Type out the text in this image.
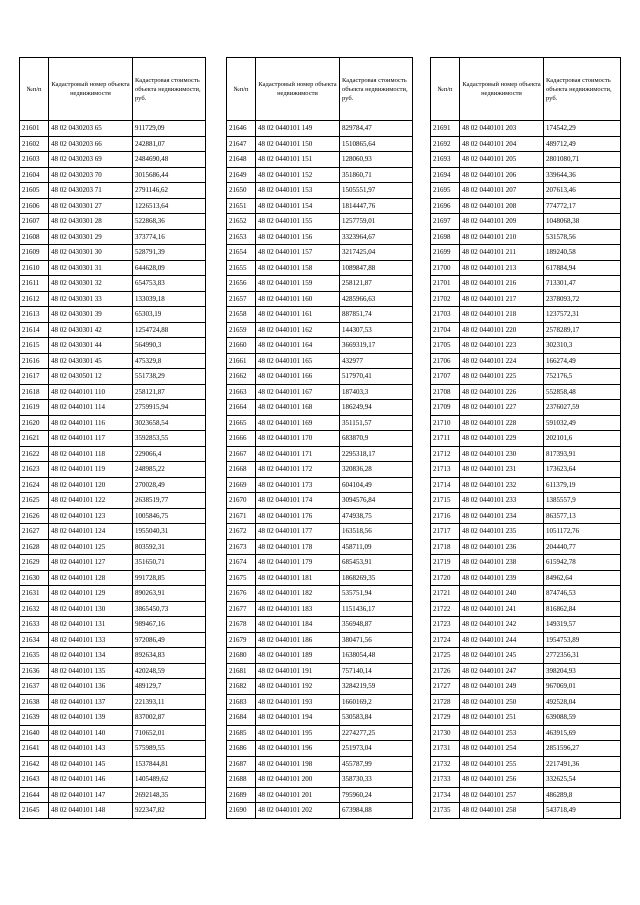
№п/п	Кадастровый номер объекта недвижимости	Кадастровая стоимость объекта недвижимости, руб.
21601	48 02 0430203 65	911729,09
21602	48 02 0430203 66	242881,07
21603	48 02 0430203 69	2484690,48
21604	48 02 0430203 70	3015686,44
21605	48 02 0430203 71	2791146,62
21606	48 02 0430301 27	1226513,64
21607	48 02 0430301 28	522868,36
21608	48 02 0430301 29	373774,16
21609	48 02 0430301 30	528791,39
21610	48 02 0430301 31	644628,09
21611	48 02 0430301 32	654753,83
21612	48 02 0430301 33	133039,18
21613	48 02 0430301 39	65303,19
21614	48 02 0430301 42	1254724,88
21615	48 02 0430301 44	564990,3
21616	48 02 0430301 45	475329,8
21617	48 02 0430501 12	551738,29
21618	48 02 0440101 110	258121,87
21619	48 02 0440101 114	2759915,94
21620	48 02 0440101 116	3023658,54
21621	48 02 0440101 117	3592853,55
21622	48 02 0440101 118	229066,4
21623	48 02 0440101 119	248985,22
21624	48 02 0440101 120	270028,49
21625	48 02 0440101 122	2638519,77
21626	48 02 0440101 123	1005846,75
21627	48 02 0440101 124	1955040,31
21628	48 02 0440101 125	803592,31
21629	48 02 0440101 127	351650,71
21630	48 02 0440101 128	991728,85
21631	48 02 0440101 129	890263,91
21632	48 02 0440101 130	3865450,73
21633	48 02 0440101 131	989467,16
21634	48 02 0440101 133	972086,49
21635	48 02 0440101 134	892634,83
21636	48 02 0440101 135	420248,59
21637	48 02 0440101 136	489129,7
21638	48 02 0440101 137	221393,11
21639	48 02 0440101 139	837002,87
21640	48 02 0440101 140	710652,01
21641	48 02 0440101 143	575989,55
21642	48 02 0440101 145	1537844,81
21643	48 02 0440101 146	1405489,62
21644	48 02 0440101 147	2692148,35
21645	48 02 0440101 148	922347,82
№п/п	Кадастровый номер объекта недвижимости	Кадастровая стоимость объекта недвижимости, руб.
21646	48 02 0440101 149	829784,47
21647	48 02 0440101 150	1510865,64
21648	48 02 0440101 151	128060,93
21649	48 02 0440101 152	351860,71
21650	48 02 0440101 153	1505551,97
21651	48 02 0440101 154	1814447,76
21652	48 02 0440101 155	1257759,01
21653	48 02 0440101 156	3323964,67
21654	48 02 0440101 157	3217425,04
21655	48 02 0440101 158	1089847,88
21656	48 02 0440101 159	258121,87
21657	48 02 0440101 160	4285966,63
21658	48 02 0440101 161	887851,74
21659	48 02 0440101 162	144307,53
21660	48 02 0440101 164	3669319,17
21661	48 02 0440101 165	432977
21662	48 02 0440101 166	517970,41
21663	48 02 0440101 167	187403,3
21664	48 02 0440101 168	186249,94
21665	48 02 0440101 169	351151,57
21666	48 02 0440101 170	683870,9
21667	48 02 0440101 171	2295318,17
21668	48 02 0440101 172	320836,28
21669	48 02 0440101 173	604104,49
21670	48 02 0440101 174	3094576,84
21671	48 02 0440101 176	474938,75
21672	48 02 0440101 177	163518,56
21673	48 02 0440101 178	458711,09
21674	48 02 0440101 179	685453,91
21675	48 02 0440101 181	1868269,35
21676	48 02 0440101 182	535751,94
21677	48 02 0440101 183	1151436,17
21678	48 02 0440101 184	356948,87
21679	48 02 0440101 186	380471,56
21680	48 02 0440101 189	1638054,48
21681	48 02 0440101 191	757140,14
21682	48 02 0440101 192	3284219,59
21683	48 02 0440101 193	1660169,2
21684	48 02 0440101 194	530583,84
21685	48 02 0440101 195	2274277,25
21686	48 02 0440101 196	251973,04
21687	48 02 0440101 198	455787,99
21688	48 02 0440101 200	358730,33
21689	48 02 0440101 201	795960,24
21690	48 02 0440101 202	673984,88
№п/п	Кадастровый номер объекта недвижимости	Кадастровая стоимость объекта недвижимости, руб.
21691	48 02 0440101 203	174542,29
21692	48 02 0440101 204	489712,49
21693	48 02 0440101 205	2801080,71
21694	48 02 0440101 206	339644,36
21695	48 02 0440101 207	207613,46
21696	48 02 0440101 208	774772,17
21697	48 02 0440101 209	1048068,38
21698	48 02 0440101 210	531578,56
21699	48 02 0440101 211	189240,58
21700	48 02 0440101 213	617884,94
21701	48 02 0440101 216	713301,47
21702	48 02 0440101 217	2378093,72
21703	48 02 0440101 218	1237572,31
21704	48 02 0440101 220	2578289,17
21705	48 02 0440101 223	302310,3
21706	48 02 0440101 224	166274,49
21707	48 02 0440101 225	752176,5
21708	48 02 0440101 226	552858,48
21709	48 02 0440101 227	2376027,59
21710	48 02 0440101 228	591032,49
21711	48 02 0440101 229	202101,6
21712	48 02 0440101 230	817393,91
21713	48 02 0440101 231	173623,64
21714	48 02 0440101 232	611379,19
21715	48 02 0440101 233	1385557,9
21716	48 02 0440101 234	863577,13
21717	48 02 0440101 235	1051172,76
21718	48 02 0440101 236	204440,77
21719	48 02 0440101 238	615942,78
21720	48 02 0440101 239	84962,64
21721	48 02 0440101 240	874746,53
21722	48 02 0440101 241	816862,84
21723	48 02 0440101 242	149319,57
21724	48 02 0440101 244	1954753,89
21725	48 02 0440101 245	2772356,31
21726	48 02 0440101 247	398204,93
21727	48 02 0440101 249	967069,01
21728	48 02 0440101 250	492528,04
21729	48 02 0440101 251	639088,59
21730	48 02 0440101 253	463915,69
21731	48 02 0440101 254	2851596,27
21732	48 02 0440101 255	2217491,36
21733	48 02 0440101 256	332625,54
21734	48 02 0440101 257	486289,8
21735	48 02 0440101 258	543718,49
